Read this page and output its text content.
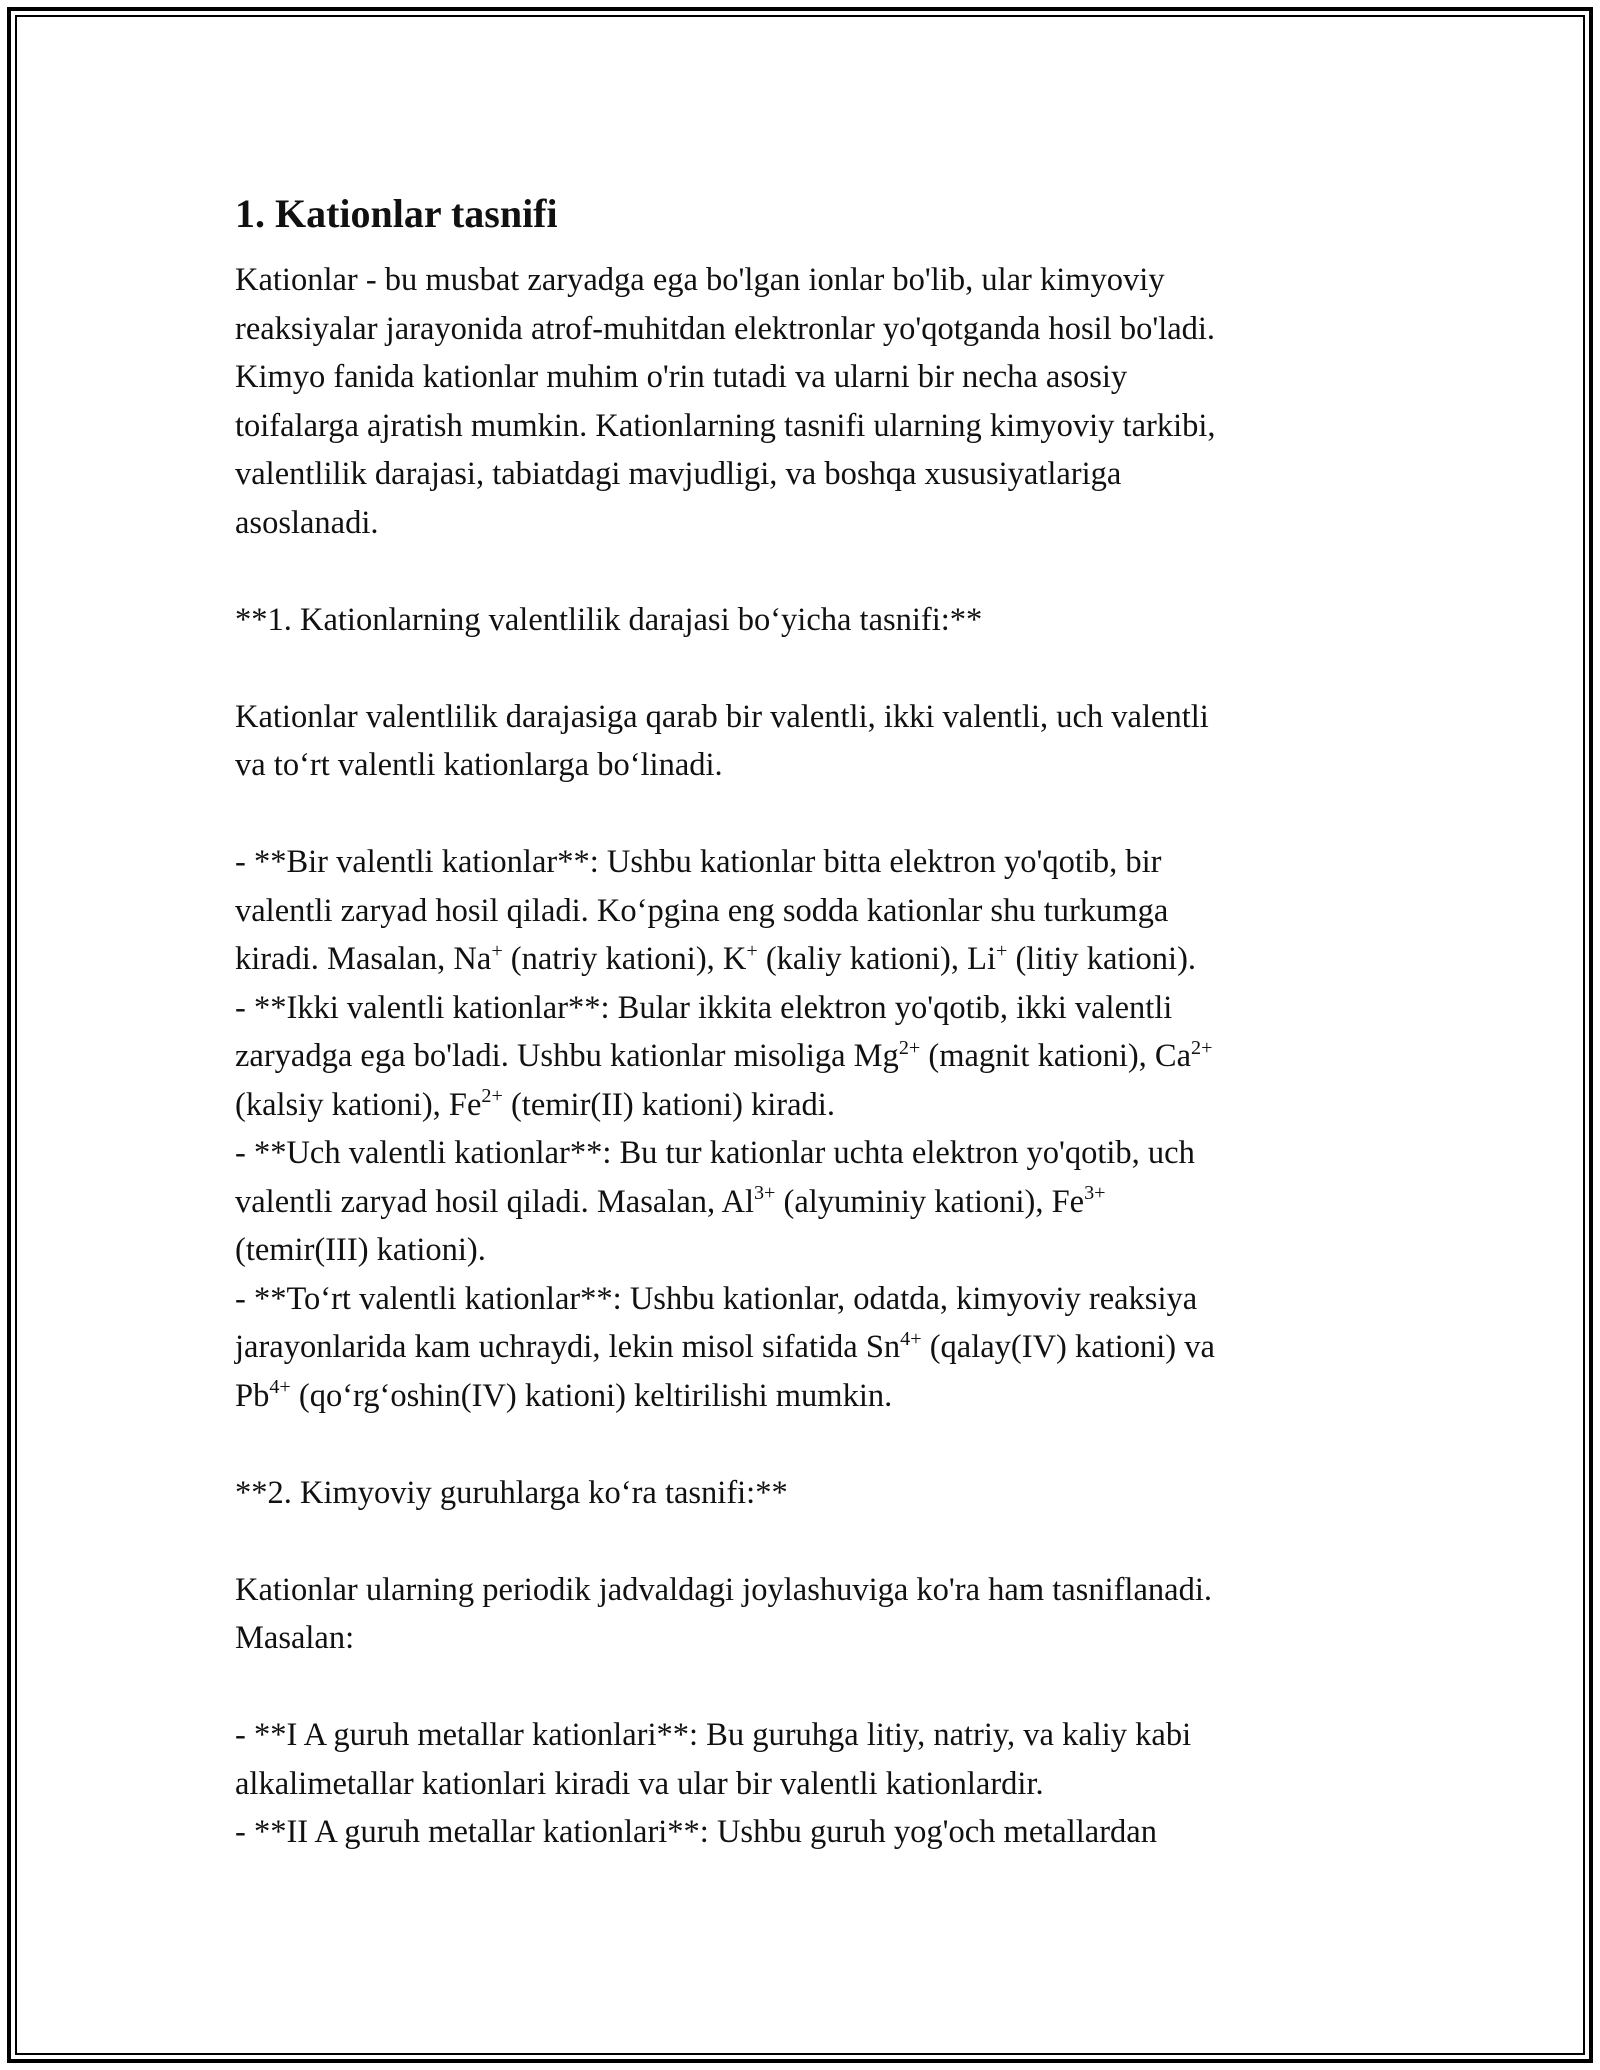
1. Kationlar tasnifi
Kationlar - bu musbat zaryadga ega bo'lgan ionlar bo'lib, ular kimyoviy
reaksiyalar jarayonida atrof-muhitdan elektronlar yo'qotganda hosil bo'ladi.
Kimyo fanida kationlar muhim o'rin tutadi va ularni bir necha asosiy
toifalarga ajratish mumkin. Kationlarning tasnifi ularning kimyoviy tarkibi,
valentlilik darajasi, tabiatdagi mavjudligi, va boshqa xususiyatlariga
asoslanadi.
**1. Kationlarning valentlilik darajasi bo‘yicha tasnifi:**
Kationlar valentlilik darajasiga qarab bir valentli, ikki valentli, uch valentli
va to‘rt valentli kationlarga bo‘linadi.
- **Bir valentli kationlar**: Ushbu kationlar bitta elektron yo'qotib, bir
valentli zaryad hosil qiladi. Ko‘pgina eng sodda kationlar shu turkumga
kiradi. Masalan, Na+ (natriy kationi), K+ (kaliy kationi), Li+ (litiy kationi).
- **Ikki valentli kationlar**: Bular ikkita elektron yo'qotib, ikki valentli
zaryadga ega bo'ladi. Ushbu kationlar misoliga $Mg^{2+}$ (magnit kationi), $Ca^{2+}$
(kalsiy kationi), $Fe^{2+}$ (temir(II) kationi) kiradi.
- **Uch valentli kationlar**: Bu tur kationlar uchta elektron yo'qotib, uch
valentli zaryad hosil qiladi. Masalan, $Al^{3+}$ (alyuminiy kationi), $Fe^{3+}$
(temir(III) kationi).
- **To‘rt valentli kationlar**: Ushbu kationlar, odatda, kimyoviy reaksiya
jarayonlarida kam uchraydi, lekin misol sifatida $Sn^{4+}$ (qalay(IV) kationi) va
$Pb^{4+}$ (qo‘rg‘oshin(IV) kationi) keltirilishi mumkin.
**2. Kimyoviy guruhlarga ko‘ra tasnifi:**
Kationlar ularning periodik jadvaldagi joylashuviga ko'ra ham tasniflanadi.
Masalan:
- **I A guruh metallar kationlari**: Bu guruhga litiy, natriy, va kaliy kabi
alkalimetallar kationlari kiradi va ular bir valentli kationlardir.
- **II A guruh metallar kationlari**: Ushbu guruh yog'och metallardan
